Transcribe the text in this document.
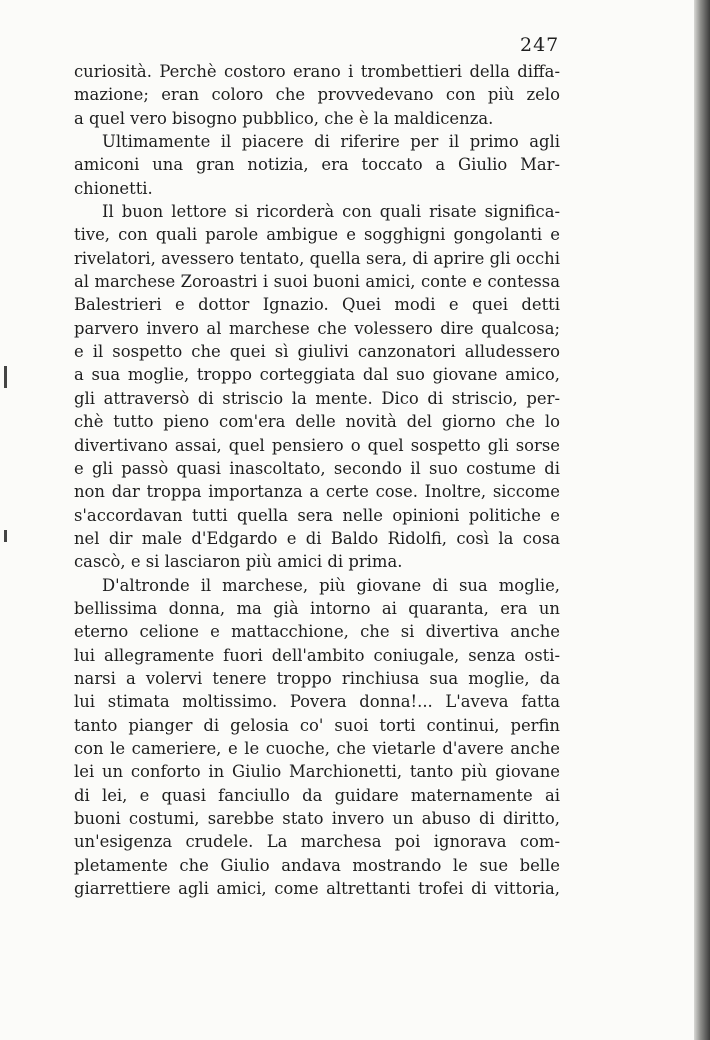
247
curiosità. Perchè costoro erano i trombettieri della diffa-
mazione; eran coloro che provvedevano con più zelo
a quel vero bisogno pubblico, che è la maldicenza.
Ultimamente il piacere di riferire per il primo agli
amiconi una gran notizia, era toccato a Giulio Mar-
chionetti.
Il buon lettore si ricorderà con quali risate significa-
tive, con quali parole ambigue e sogghigni gongolanti e
rivelatori, avessero tentato, quella sera, di aprire gli occhi
al marchese Zoroastri i suoi buoni amici, conte e contessa
Balestrieri e dottor Ignazio. Quei modi e quei detti
parvero invero al marchese che volessero dire qualcosa;
e il sospetto che quei sì giulivi canzonatori alludessero
a sua moglie, troppo corteggiata dal suo giovane amico,
gli attraversò di striscio la mente. Dico di striscio, per-
chè tutto pieno com'era delle novità del giorno che lo
divertivano assai, quel pensiero o quel sospetto gli sorse
e gli passò quasi inascoltato, secondo il suo costume di
non dar troppa importanza a certe cose. Inoltre, siccome
s'accordavan tutti quella sera nelle opinioni politiche e
nel dir male d'Edgardo e di Baldo Ridolfi, così la cosa
cascò, e si lasciaron più amici di prima.
D'altronde il marchese, più giovane di sua moglie,
bellissima donna, ma già intorno ai quaranta, era un
eterno celione e mattacchione, che si divertiva anche
lui allegramente fuori dell'ambito coniugale, senza osti-
narsi a volervi tenere troppo rinchiusa sua moglie, da
lui stimata moltissimo. Povera donna!... L'aveva fatta
tanto pianger di gelosia co' suoi torti continui, perfin
con le cameriere, e le cuoche, che vietarle d'avere anche
lei un conforto in Giulio Marchionetti, tanto più giovane
di lei, e quasi fanciullo da guidare maternamente ai
buoni costumi, sarebbe stato invero un abuso di diritto,
un'esigenza crudele. La marchesa poi ignorava com-
pletamente che Giulio andava mostrando le sue belle
giarrettiere agli amici, come altrettanti trofei di vittoria,
